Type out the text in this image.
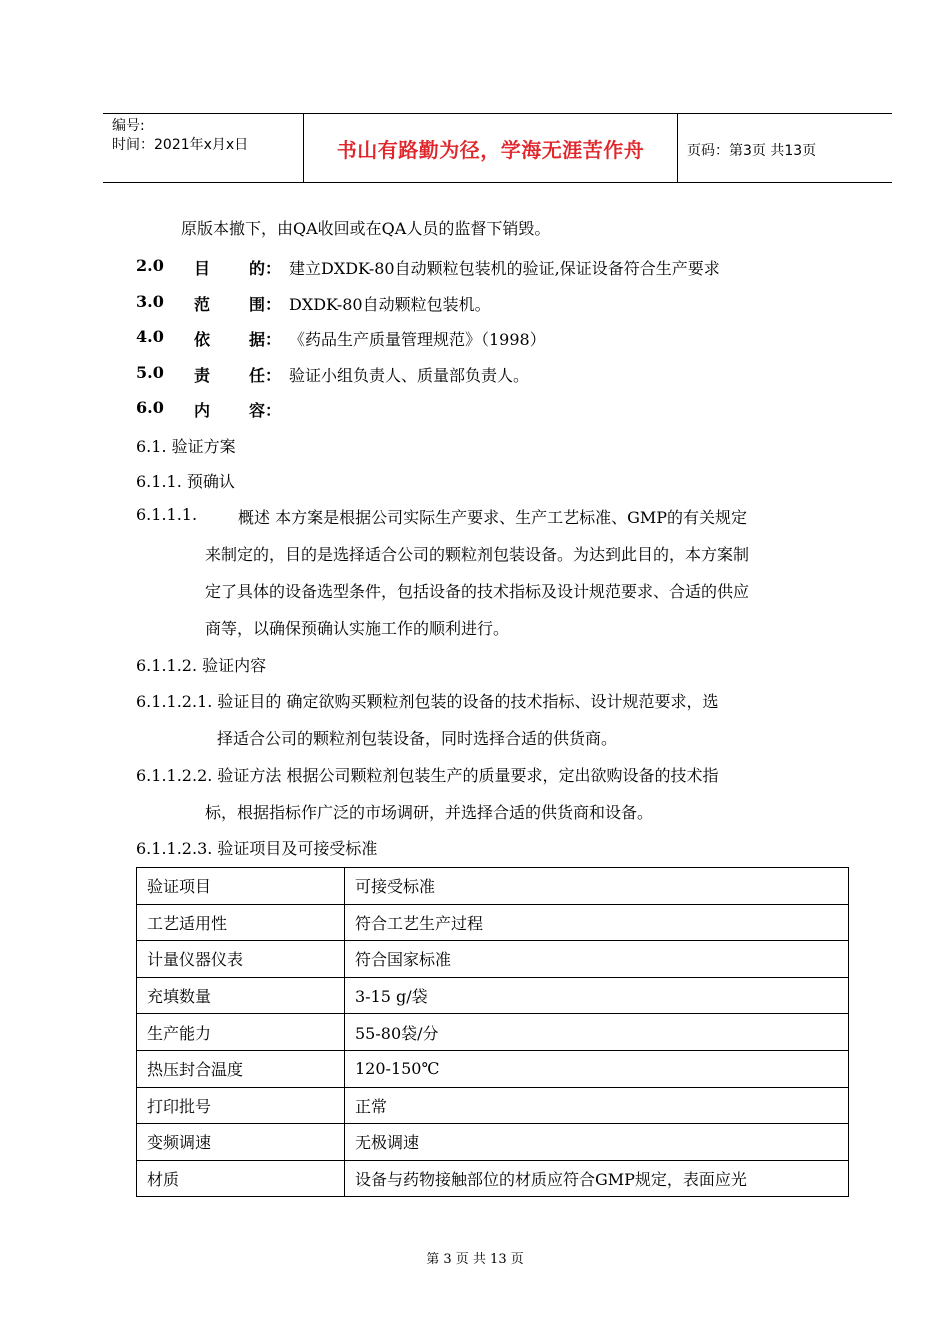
编号:
时间：2021年x月x日	书山有路勤为径，学海无涯苦作舟	页码：第3页 共13页
原版本撤下，由QA收回或在QA人员的监督下销毁。
2.0 目 的： 建立DXDK-80自动颗粒包装机的验证,保证设备符合生产要求
3.0 范 围： DXDK-80自动颗粒包装机。
4.0 依 据： 《药品生产质量管理规范》（1998）
5.0 责 任： 验证小组负责人、质量部负责人。
6.0 内 容：
6.1. 验证方案
6.1.1. 预确认
6.1.1.1.	概述 本方案是根据公司实际生产要求、生产工艺标准、GMP的有关规定
来制定的，目的是选择适合公司的颗粒剂包装设备。为达到此目的，本方案制
定了具体的设备选型条件，包括设备的技术指标及设计规范要求、合适的供应
商等，以确保预确认实施工作的顺利进行。
6.1.1.2. 验证内容
6.1.1.2.1. 验证目的 确定欲购买颗粒剂包装的设备的技术指标、设计规范要求，选
择适合公司的颗粒剂包装设备，同时选择合适的供货商。
6.1.1.2.2. 验证方法 根据公司颗粒剂包装生产的质量要求，定出欲购设备的技术指
标，根据指标作广泛的市场调研，并选择合适的供货商和设备。
6.1.1.2.3. 验证项目及可接受标准
验证项目	可接受标准
工艺适用性	符合工艺生产过程
计量仪器仪表	符合国家标准
充填数量	3-15 g/袋
生产能力	55-80袋/分
热压封合温度	120-150℃
打印批号	正常
变频调速	无极调速
材质	设备与药物接触部位的材质应符合GMP规定，表面应光
第 3 页 共 13 页
